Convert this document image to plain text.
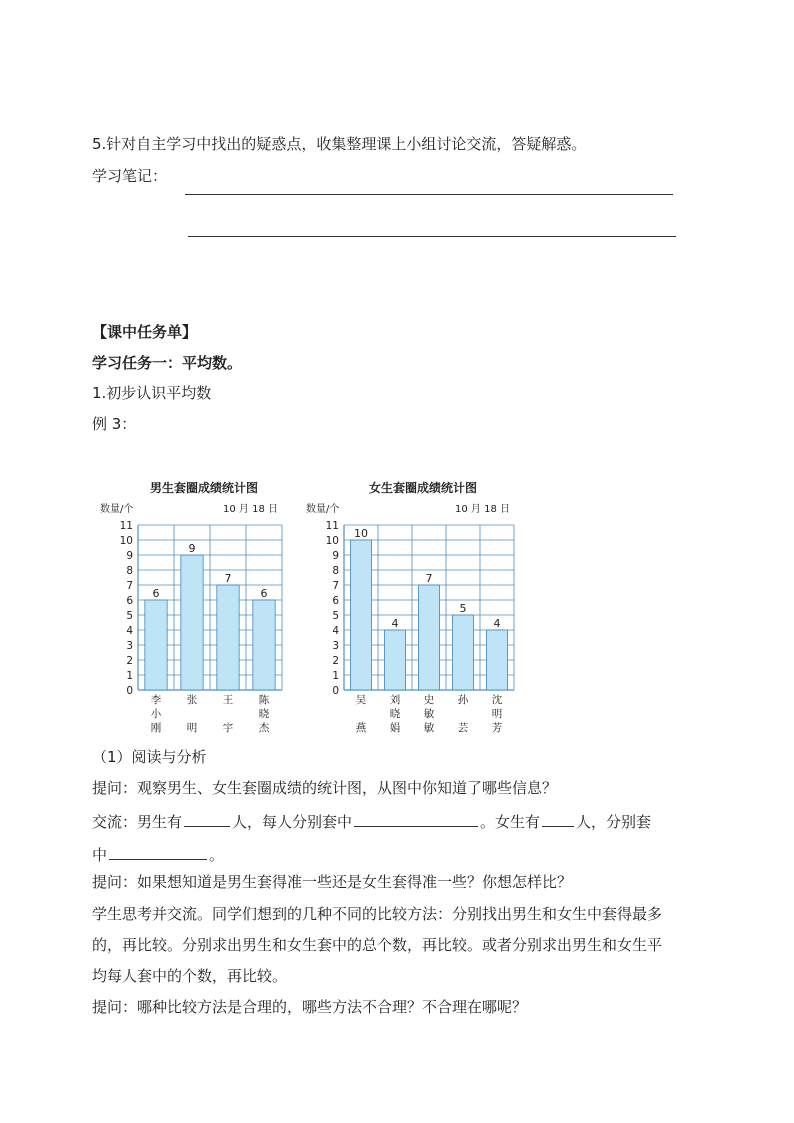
5.针对自主学习中找出的疑惑点，收集整理课上小组讨论交流，答疑解惑。
学习笔记：
【课中任务单】
学习任务一：平均数。
1.初步认识平均数
例 3：
男生套圈成绩统计图
数量/个	10 月 18 日
0
1
2
3
4
5
6
7
8
9
10
11
6
李小刚
9
张明
7
王宇
6
陈晓杰
女生套圈成绩统计图
数量/个	10 月 18 日
0
1
2
3
4
5
6
7
8
9
10
11
10
吴燕
4
刘晓娟
7
史敏敏
5
孙芸
4
沈明芳
（1）阅读与分析
提问：观察男生、女生套圈成绩的统计图，从图中你知道了哪些信息？
交流：男生有	人，每人分别套中	。女生有 人，分别套
中	。
提问：如果想知道是男生套得准一些还是女生套得准一些？你想怎样比？
学生思考并交流。同学们想到的几种不同的比较方法：分别找出男生和女生中套得最多
的，再比较。分别求出男生和女生套中的总个数，再比较。或者分别求出男生和女生平
均每人套中的个数，再比较。
提问：哪种比较方法是合理的，哪些方法不合理？不合理在哪呢？
